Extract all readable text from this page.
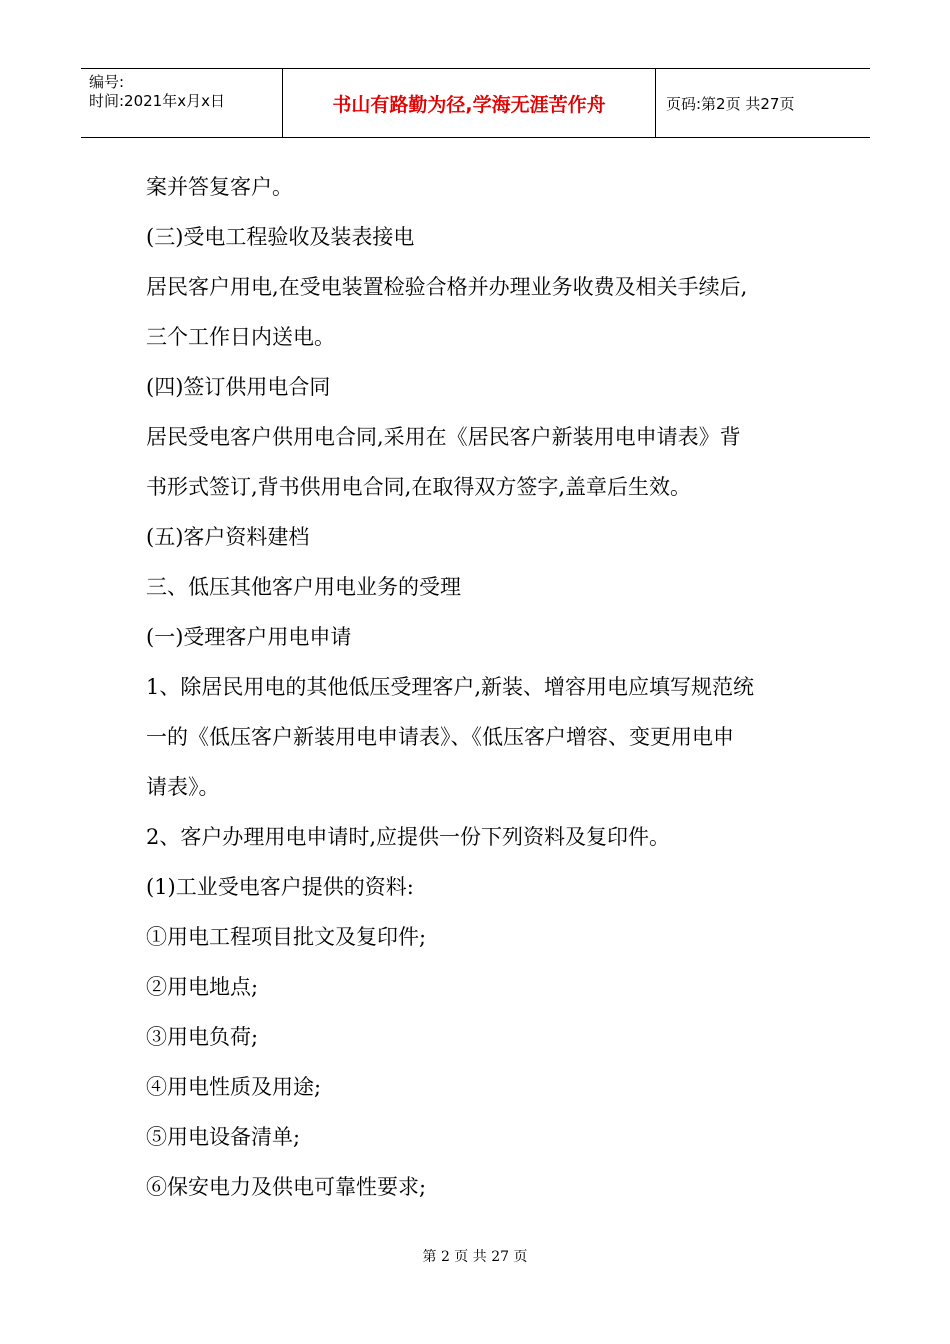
编号:
时间:2021年x月x日	书山有路勤为径,学海无涯苦作舟	页码:第2页 共27页
案并答复客户。
(三)受电工程验收及装表接电
居民客户用电,在受电装置检验合格并办理业务收费及相关手续后,
三个工作日内送电。
(四)签订供用电合同
居民受电客户供用电合同,采用在《居民客户新装用电申请表》背
书形式签订,背书供用电合同,在取得双方签字,盖章后生效。
(五)客户资料建档
三、低压其他客户用电业务的受理
(一)受理客户用电申请
1、除居民用电的其他低压受理客户,新装、增容用电应填写规范统
一的《低压客户新装用电申请表》、《低压客户增容、变更用电申
请表》。
2、客户办理用电申请时,应提供一份下列资料及复印件。
(1)工业受电客户提供的资料:
①用电工程项目批文及复印件;
②用电地点;
③用电负荷;
④用电性质及用途;
⑤用电设备清单;
⑥保安电力及供电可靠性要求;
第 2 页 共 27 页
